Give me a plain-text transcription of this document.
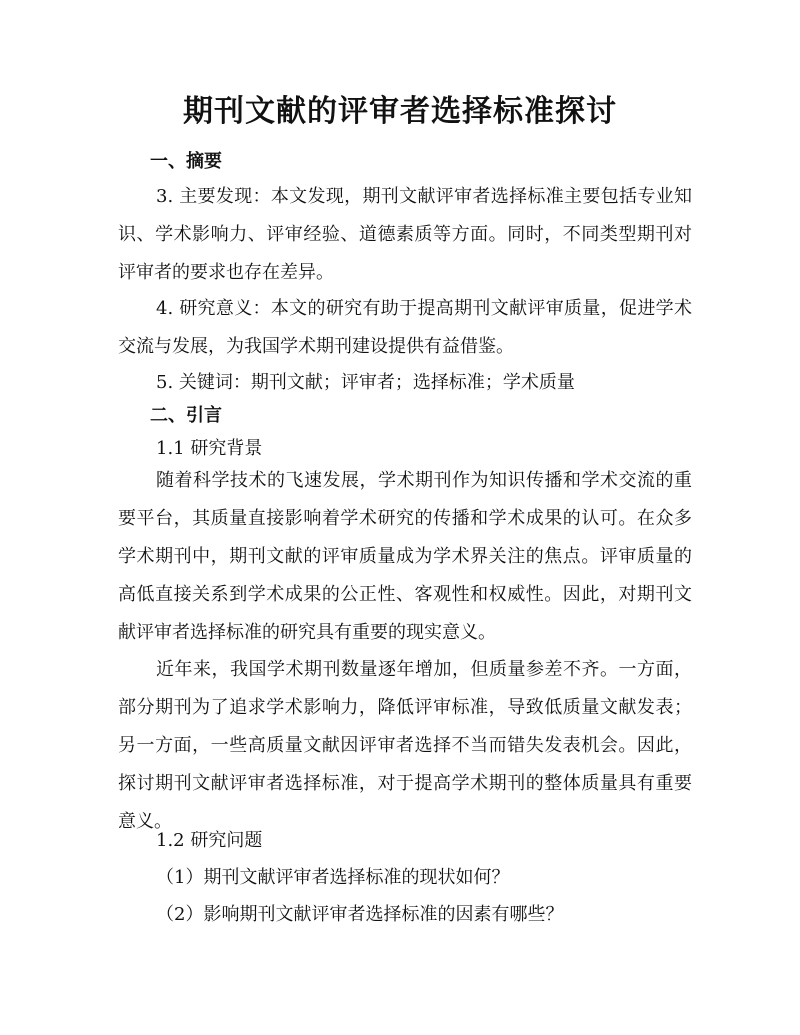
期刊文献的评审者选择标准探讨
一、摘要

3. 主要发现：本文发现，期刊文献评审者选择标准主要包括专业知识、学术影响力、评审经验、道德素质等方面。同时，不同类型期刊对评审者的要求也存在差异。

4. 研究意义：本文的研究有助于提高期刊文献评审质量，促进学术交流与发展，为我国学术期刊建设提供有益借鉴。

5. 关键词：期刊文献；评审者；选择标准；学术质量

二、引言

1.1 研究背景

随着科学技术的飞速发展，学术期刊作为知识传播和学术交流的重要平台，其质量直接影响着学术研究的传播和学术成果的认可。在众多学术期刊中，期刊文献的评审质量成为学术界关注的焦点。评审质量的高低直接关系到学术成果的公正性、客观性和权威性。因此，对期刊文献评审者选择标准的研究具有重要的现实意义。

近年来，我国学术期刊数量逐年增加，但质量参差不齐。一方面，部分期刊为了追求学术影响力，降低评审标准，导致低质量文献发表；另一方面，一些高质量文献因评审者选择不当而错失发表机会。因此，探讨期刊文献评审者选择标准，对于提高学术期刊的整体质量具有重要意义。

1.2 研究问题

（1）期刊文献评审者选择标准的现状如何？

（2）影响期刊文献评审者选择标准的因素有哪些？
